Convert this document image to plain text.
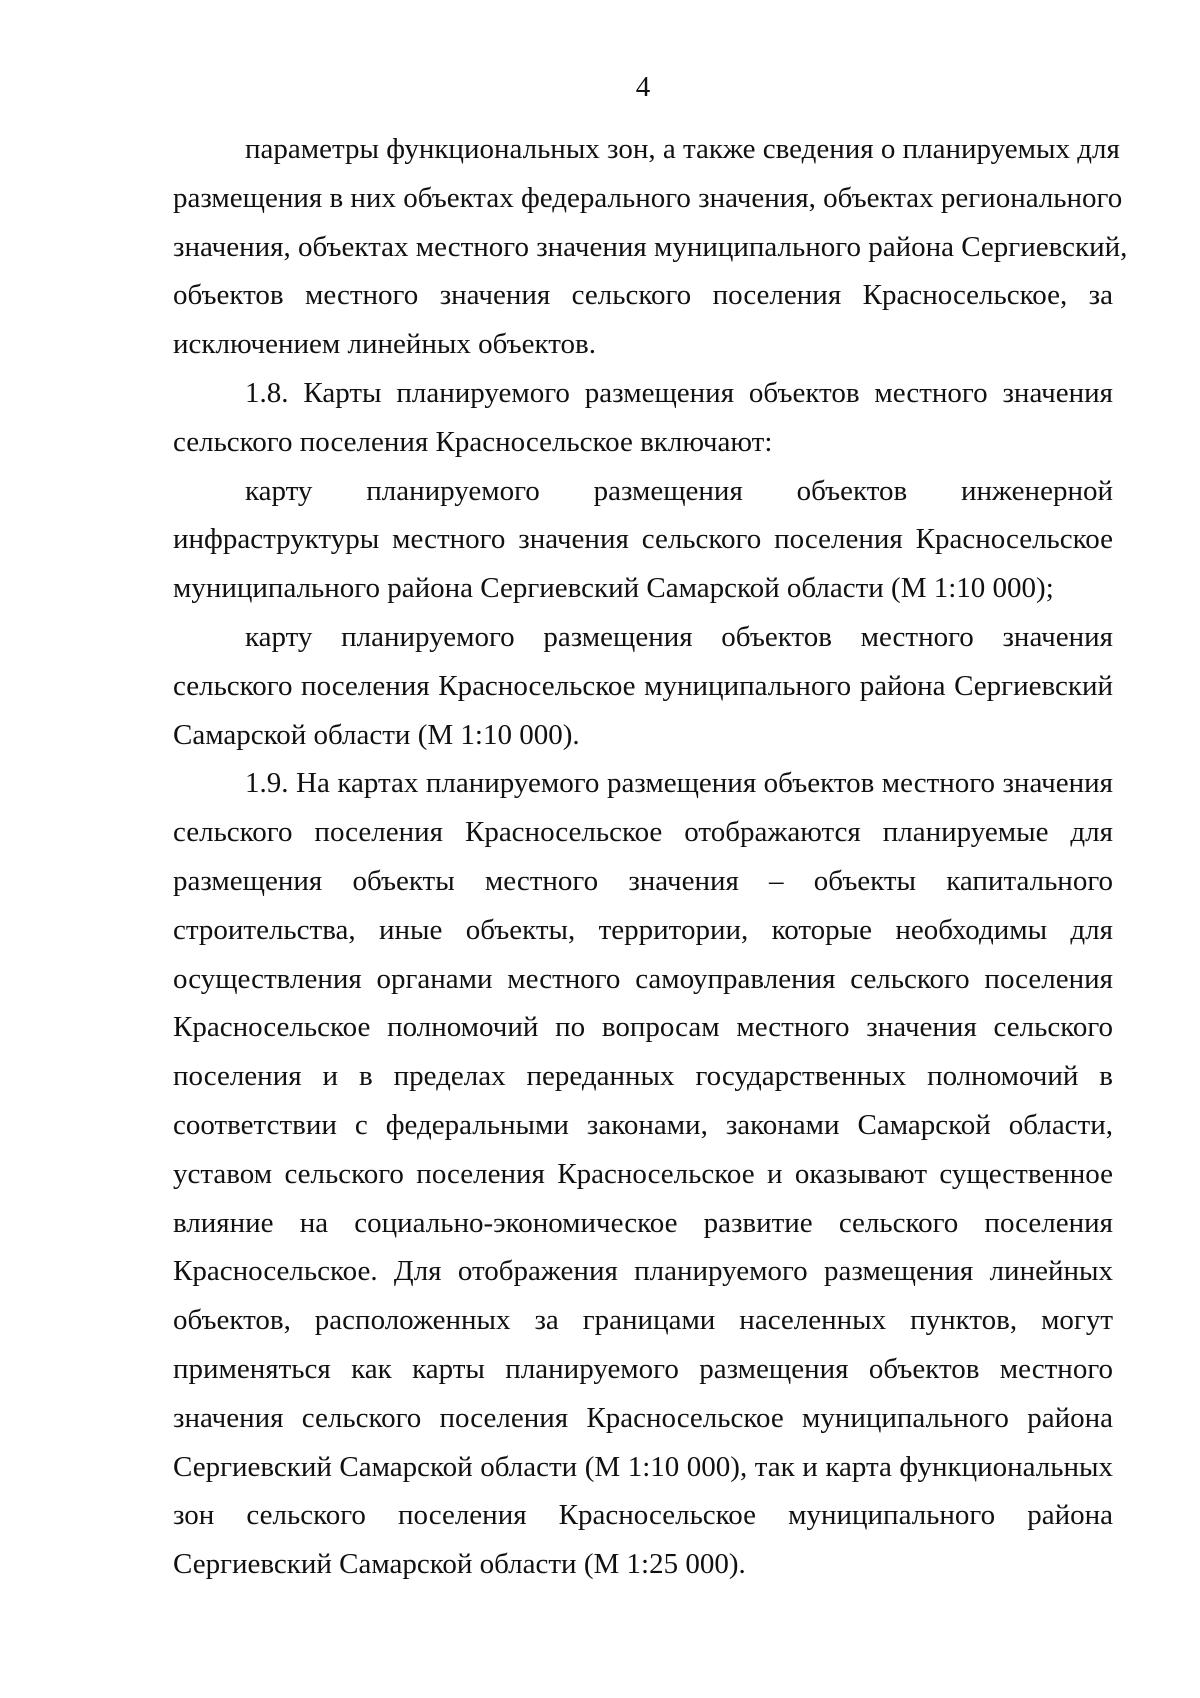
4
параметры функциональных зон, а также сведения о планируемых для
размещения в них объектах федерального значения, объектах регионального
значения, объектах местного значения муниципального района Сергиевский,
объектов местного значения сельского поселения Красносельское, за
исключением линейных объектов.
1.8. Карты планируемого размещения объектов местного значения
сельского поселения Красносельское включают:
карту планируемого размещения объектов инженерной
инфраструктуры местного значения сельского поселения Красносельское
муниципального района Сергиевский Самарской области (М 1:10 000);
карту планируемого размещения объектов местного значения
сельского поселения Красносельское муниципального района Сергиевский
Самарской области (М 1:10 000).
1.9. На картах планируемого размещения объектов местного значения
сельского поселения Красносельское отображаются планируемые для
размещения объекты местного значения – объекты капитального
строительства, иные объекты, территории, которые необходимы для
осуществления органами местного самоуправления сельского поселения
Красносельское полномочий по вопросам местного значения сельского
поселения и в пределах переданных государственных полномочий в
соответствии с федеральными законами, законами Самарской области,
уставом сельского поселения Красносельское и оказывают существенное
влияние на социально-экономическое развитие сельского поселения
Красносельское. Для отображения планируемого размещения линейных
объектов, расположенных за границами населенных пунктов, могут
применяться как карты планируемого размещения объектов местного
значения сельского поселения Красносельское муниципального района
Сергиевский Самарской области (М 1:10 000), так и карта функциональных
зон сельского поселения Красносельское муниципального района
Сергиевский Самарской области (М 1:25 000).
